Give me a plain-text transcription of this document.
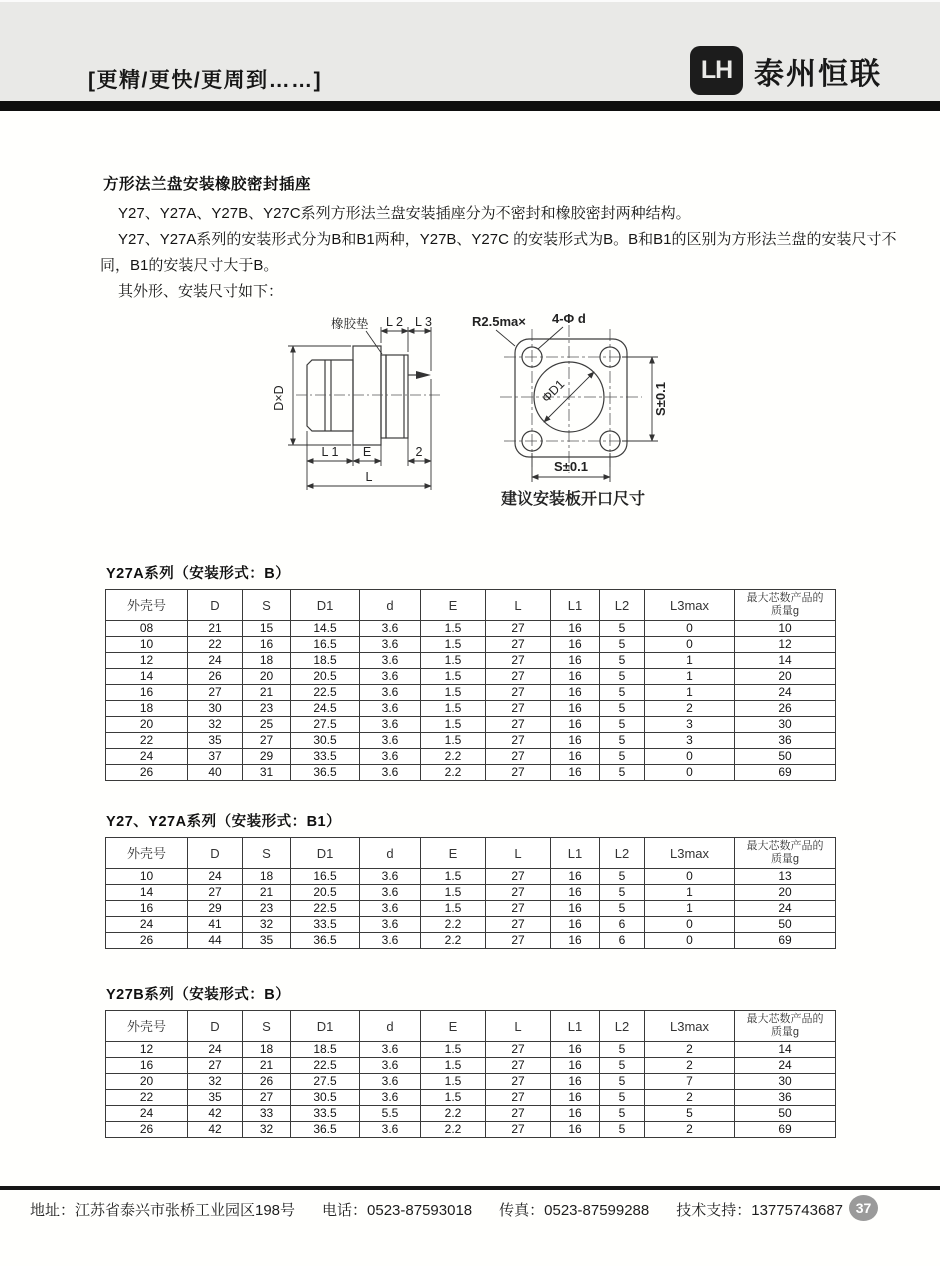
[更精/更快/更周到……]	LH 泰州恒联
方形法兰盘安装橡胶密封插座

Y27、Y27A、Y27B、Y27C系列方形法兰盘安装插座分为不密封和橡胶密封两种结构。

Y27、Y27A系列的安装形式分为B和B1两种，Y27B、Y27C 的安装形式为B。B和B1的区别为方形法兰盘的安装尺寸不同，B1的安装尺寸大于B。

其外形、安装尺寸如下：

橡胶垫 L 2 L 3
D×D
L 1 E	2
L
R2.5ma× 4-Φ d
ΦD1	S±0.1
S±0.1
建议安装板开口尺寸
Y27A系列（安装形式：B）
外壳号	D	S	D1	d	E	L	L1	L2	L3max	最大芯数产品的质量g
08	21	15	14.5	3.6	1.5	27	16	5	0	10
10	22	16	16.5	3.6	1.5	27	16	5	0	12
12	24	18	18.5	3.6	1.5	27	16	5	1	14
14	26	20	20.5	3.6	1.5	27	16	5	1	20
16	27	21	22.5	3.6	1.5	27	16	5	1	24
18	30	23	24.5	3.6	1.5	27	16	5	2	26
20	32	25	27.5	3.6	1.5	27	16	5	3	30
22	35	27	30.5	3.6	1.5	27	16	5	3	36
24	37	29	33.5	3.6	2.2	27	16	5	0	50
26	40	31	36.5	3.6	2.2	27	16	5	0	69
Y27、Y27A系列（安装形式：B1）
外壳号	D	S	D1	d	E	L	L1	L2	L3max	最大芯数产品的质量g
10	24	18	16.5	3.6	1.5	27	16	5	0	13
14	27	21	20.5	3.6	1.5	27	16	5	1	20
16	29	23	22.5	3.6	1.5	27	16	5	1	24
24	41	32	33.5	3.6	2.2	27	16	6	0	50
26	44	35	36.5	3.6	2.2	27	16	6	0	69
Y27B系列（安装形式：B）
外壳号	D	S	D1	d	E	L	L1	L2	L3max	最大芯数产品的质量g
12	24	18	18.5	3.6	1.5	27	16	5	2	14
16	27	21	22.5	3.6	1.5	27	16	5	2	24
20	32	26	27.5	3.6	1.5	27	16	5	7	30
22	35	27	30.5	3.6	1.5	27	16	5	2	36
24	42	33	33.5	5.5	2.2	27	16	5	5	50
26	42	32	36.5	3.6	2.2	27	16	5	2	69
地址：江苏省泰兴市张桥工业园区198号 电话：0523-87593018 传真：0523-87599288 技术支持：13775743687 37
